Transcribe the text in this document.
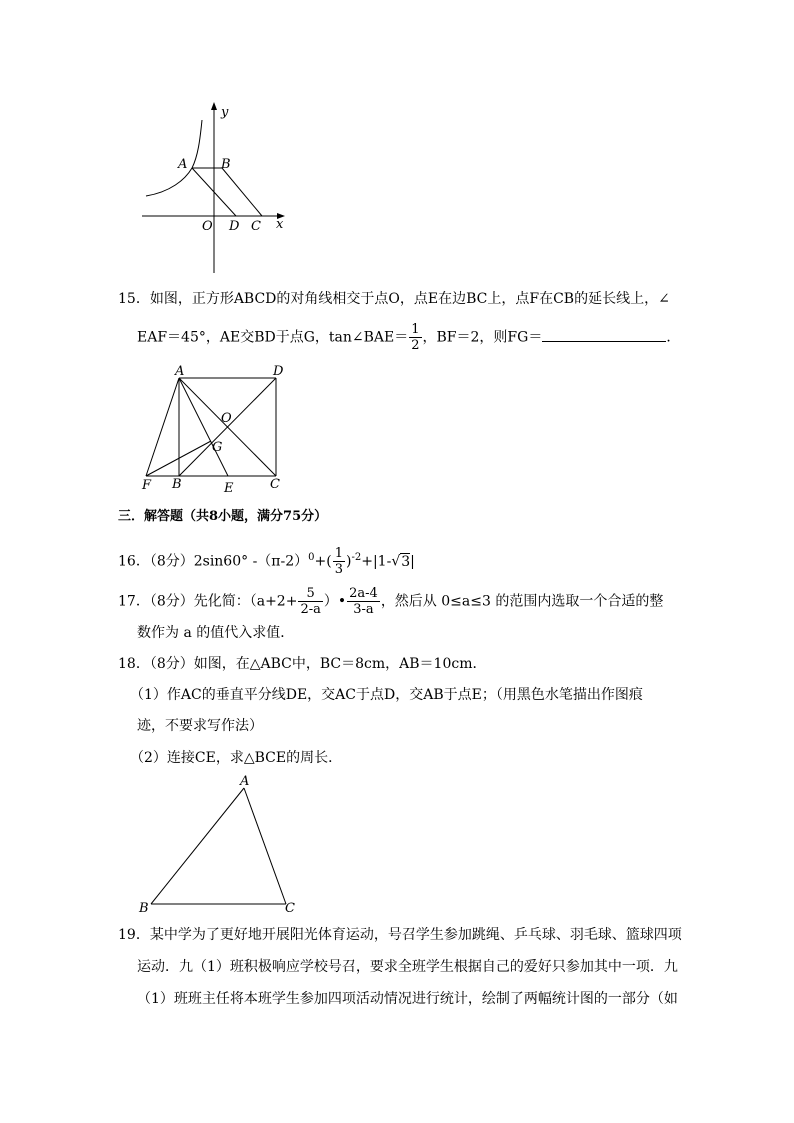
y
A	B
O D C x
15．如图，正方形ABCD的对角线相交于点O，点E在边BC上，点F在CB的延长线上，∠
EAF＝45°，AE交BD于点G，tan∠BAE＝ $\frac{1}{2}$ ，BF＝2，则FG＝	．
A	D
O
G
F B	E	C
三．解答题（共8小题，满分75分）
16．（8分）2sin60° $-(\pi-2)^0+( \frac{1}{3} )^{-2}+|1-√3|$
17．（8分）先化简：（$a+2+ \frac{5}{2-a}$ ）• $\frac{2a-4}{3-a}$ ，然后从 0≤a≤3 的范围内选取一个合适的整
数作为 a 的值代入求值．
18．（8分）如图，在△ABC中，BC＝8cm，AB＝10cm．
（1）作AC的垂直平分线DE，交AC于点D，交AB于点E；（用黑色水笔描出作图痕
迹，不要求写作法）
（2）连接CE，求△BCE的周长．
A
B	C
19．某中学为了更好地开展阳光体育运动，号召学生参加跳绳、乒乓球、羽毛球、篮球四项
运动．九（1）班积极响应学校号召，要求全班学生根据自己的爱好只参加其中一项．九
（1）班班主任将本班学生参加四项活动情况进行统计，绘制了两幅统计图的一部分（如
